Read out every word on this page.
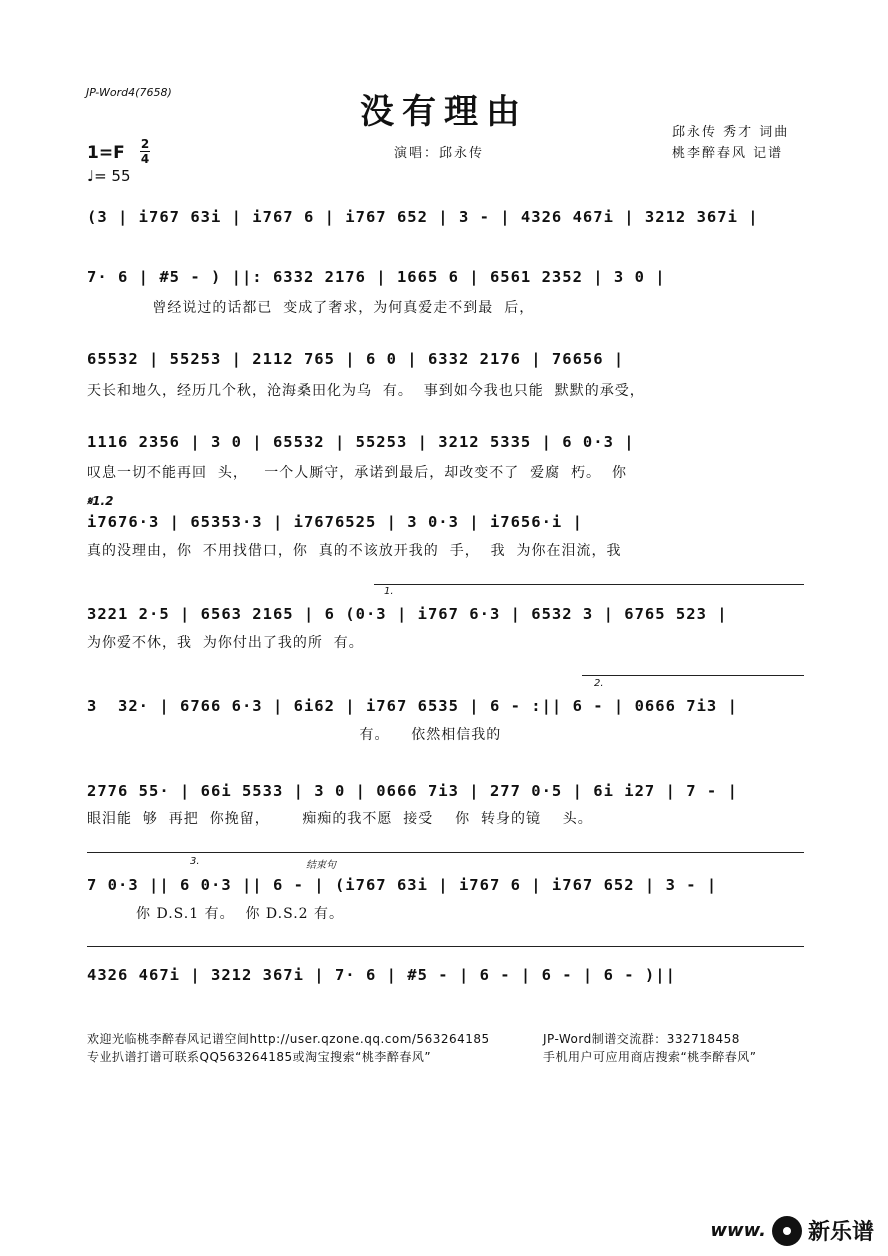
JP-Word4(7658)	没有理由
邱永传 秀才 词曲
演唱：邱永传	桃李醉春风 记谱
1=F 2
4
♩= 55
(3 | i767 63i | i767 6 | i767 652 | 3 - | 4326 467i | 3212 367i |
7· 6 | #5 - ) ||: 6332 2176 | 1665 6 | 6561 2352 | 3 0 |
曾经说过的话都已  变成了奢求，为何真爱走不到最  后，
65532 | 55253 | 2112 765 | 6 0 | 6332 2176 | 76656 |
天长和地久，经历几个秋，沧海桑田化为乌  有。  事到如今我也只能  默默的承受，
1116 2356 | 3 0 | 65532 | 55253 | 3212 5335 | 6 0·3 |
叹息一切不能再回  头，   一个人厮守，承诺到最后，却改变不了  爱腐  朽。  你
𝄋1.2
i7676·3 | 65353·3 | i7676525 | 3 0·3 | i7656·i |
真的没理由，你  不用找借口，你  真的不该放开我的  手，  我  为你在泪流，我
1.
3221 2·5 | 6563 2165 | 6 (0·3 | i767 6·3 | 6532 3 | 6765 523 |
为你爱不休，我  为你付出了我的所  有。
2.
3  32· | 6766 6·3 | 6i62 | i767 6535 | 6 - :|| 6 - | 0666 7i3 |
有。    依然相信我的
2776 55· | 66i 5533 | 3 0 | 0666 7i3 | 277 0·5 | 6i i27 | 7 - |
眼泪能  够  再把  你挽留，      痴痴的我不愿  接受    你  转身的镜    头。
3.	结束句
7 0·3 || 6 0·3 || 6 - | (i767 63i | i767 6 | i767 652 | 3 - |
你 D.S.1 有。  你 D.S.2 有。
4326 467i | 3212 367i | 7· 6 | #5 - | 6 - | 6 - | 6 - )||
欢迎光临桃李醉春风记谱空间http://user.qzone.qq.com/563264185	JP-Word制谱交流群：332718458
专业扒谱打谱可联系QQ563264185或淘宝搜索“桃李醉春风”	手机用户可应用商店搜索“桃李醉春风”
www. 新乐谱
